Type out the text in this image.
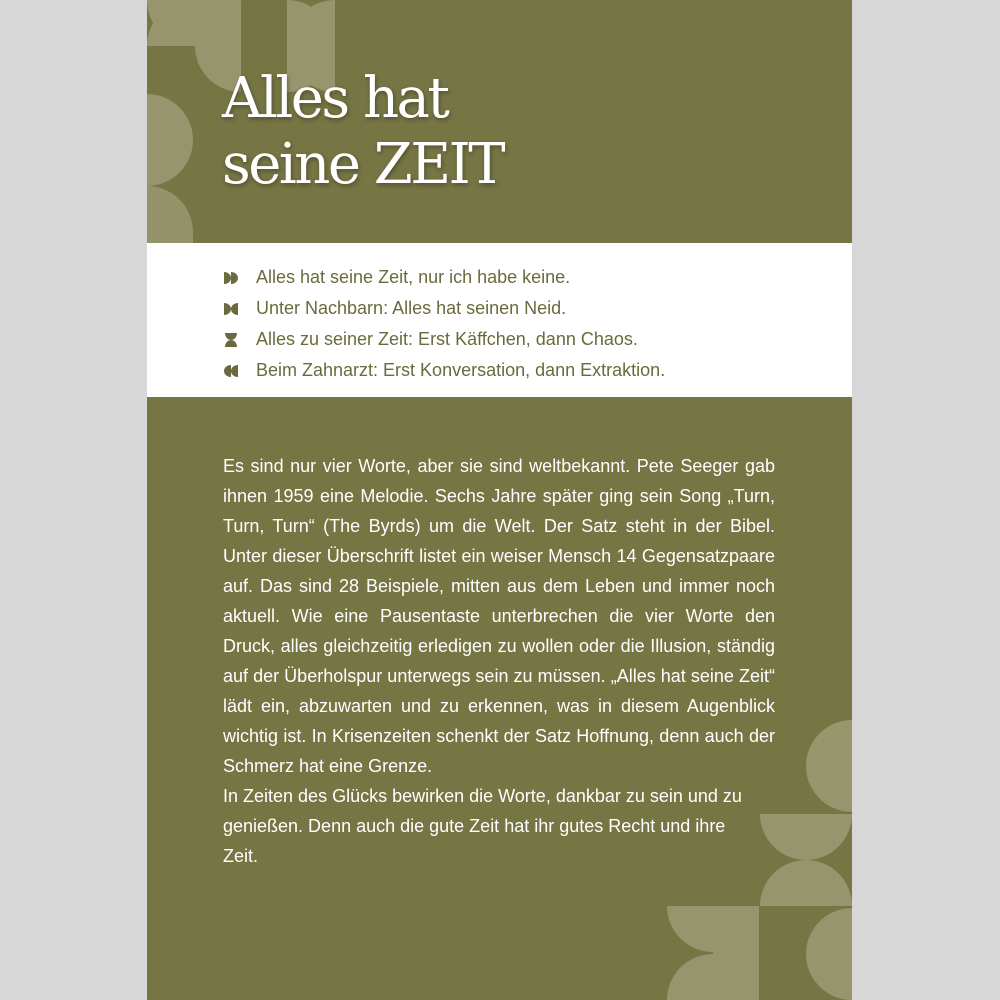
Alles hat
seine ZEIT
Alles hat seine Zeit, nur ich habe keine.
Unter Nachbarn: Alles hat seinen Neid.
Alles zu seiner Zeit: Erst Käffchen, dann Chaos.
Beim Zahnarzt: Erst Konversation, dann Extraktion.
Es sind nur vier Worte, aber sie sind weltbekannt. Pete Seeger gab ihnen 1959 eine Melodie. Sechs Jahre später ging sein Song „Turn, Turn, Turn“ (The Byrds) um die Welt. Der Satz steht in der Bibel. Unter dieser Überschrift listet ein weiser Mensch 14 Gegensatzpaare auf. Das sind 28 Beispiele, mitten aus dem Leben und immer noch aktuell. Wie eine Pausentaste unterbrechen die vier Worte den Druck, alles gleichzeitig erledigen zu wollen oder die Illusion, ständig auf der Überholspur unterwegs sein zu müssen. „Alles hat seine Zeit“ lädt ein, abzuwarten und zu erkennen, was in diesem Augenblick wichtig ist. In Krisenzeiten schenkt der Satz Hoffnung, denn auch der Schmerz hat eine Grenze.
In Zeiten des Glücks bewirken die Worte, dankbar zu sein und zu genießen. Denn auch die gute Zeit hat ihr gutes Recht und ihre Zeit.
